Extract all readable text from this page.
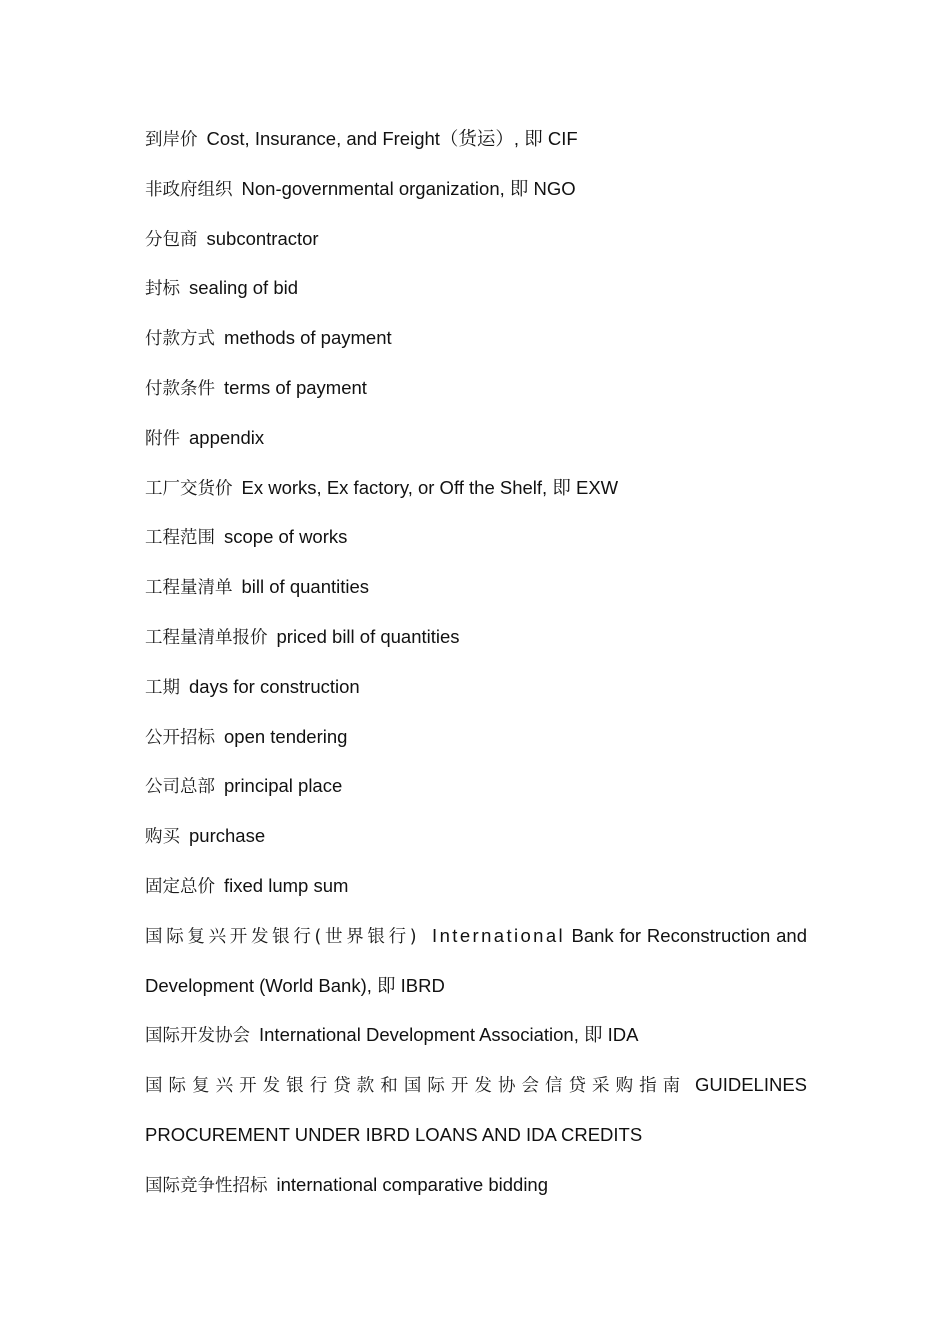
到岸价 Cost, Insurance, and Freight（货运）, 即 CIF
非政府组织 Non-governmental organization, 即 NGO
分包商 subcontractor
封标 sealing of bid
付款方式 methods of payment
付款条件 terms of payment
附件 appendix
工厂交货价 Ex works, Ex factory, or Off the Shelf, 即 EXW
工程范围 scope of works
工程量清单 bill of quantities
工程量清单报价 priced bill of quantities
工期 days for construction
公开招标 open tendering
公司总部 principal place
购买 purchase
固定总价 fixed lump sum
国际复兴开发银行(世界银行) International Bank for Reconstruction and
Development (World Bank), 即 IBRD
国际开发协会 International Development Association, 即 IDA
国际复兴开发银行贷款和国际开发协会信贷采购指南 GUIDELINES
PROCUREMENT UNDER IBRD LOANS AND IDA CREDITS
国际竞争性招标 international comparative bidding
